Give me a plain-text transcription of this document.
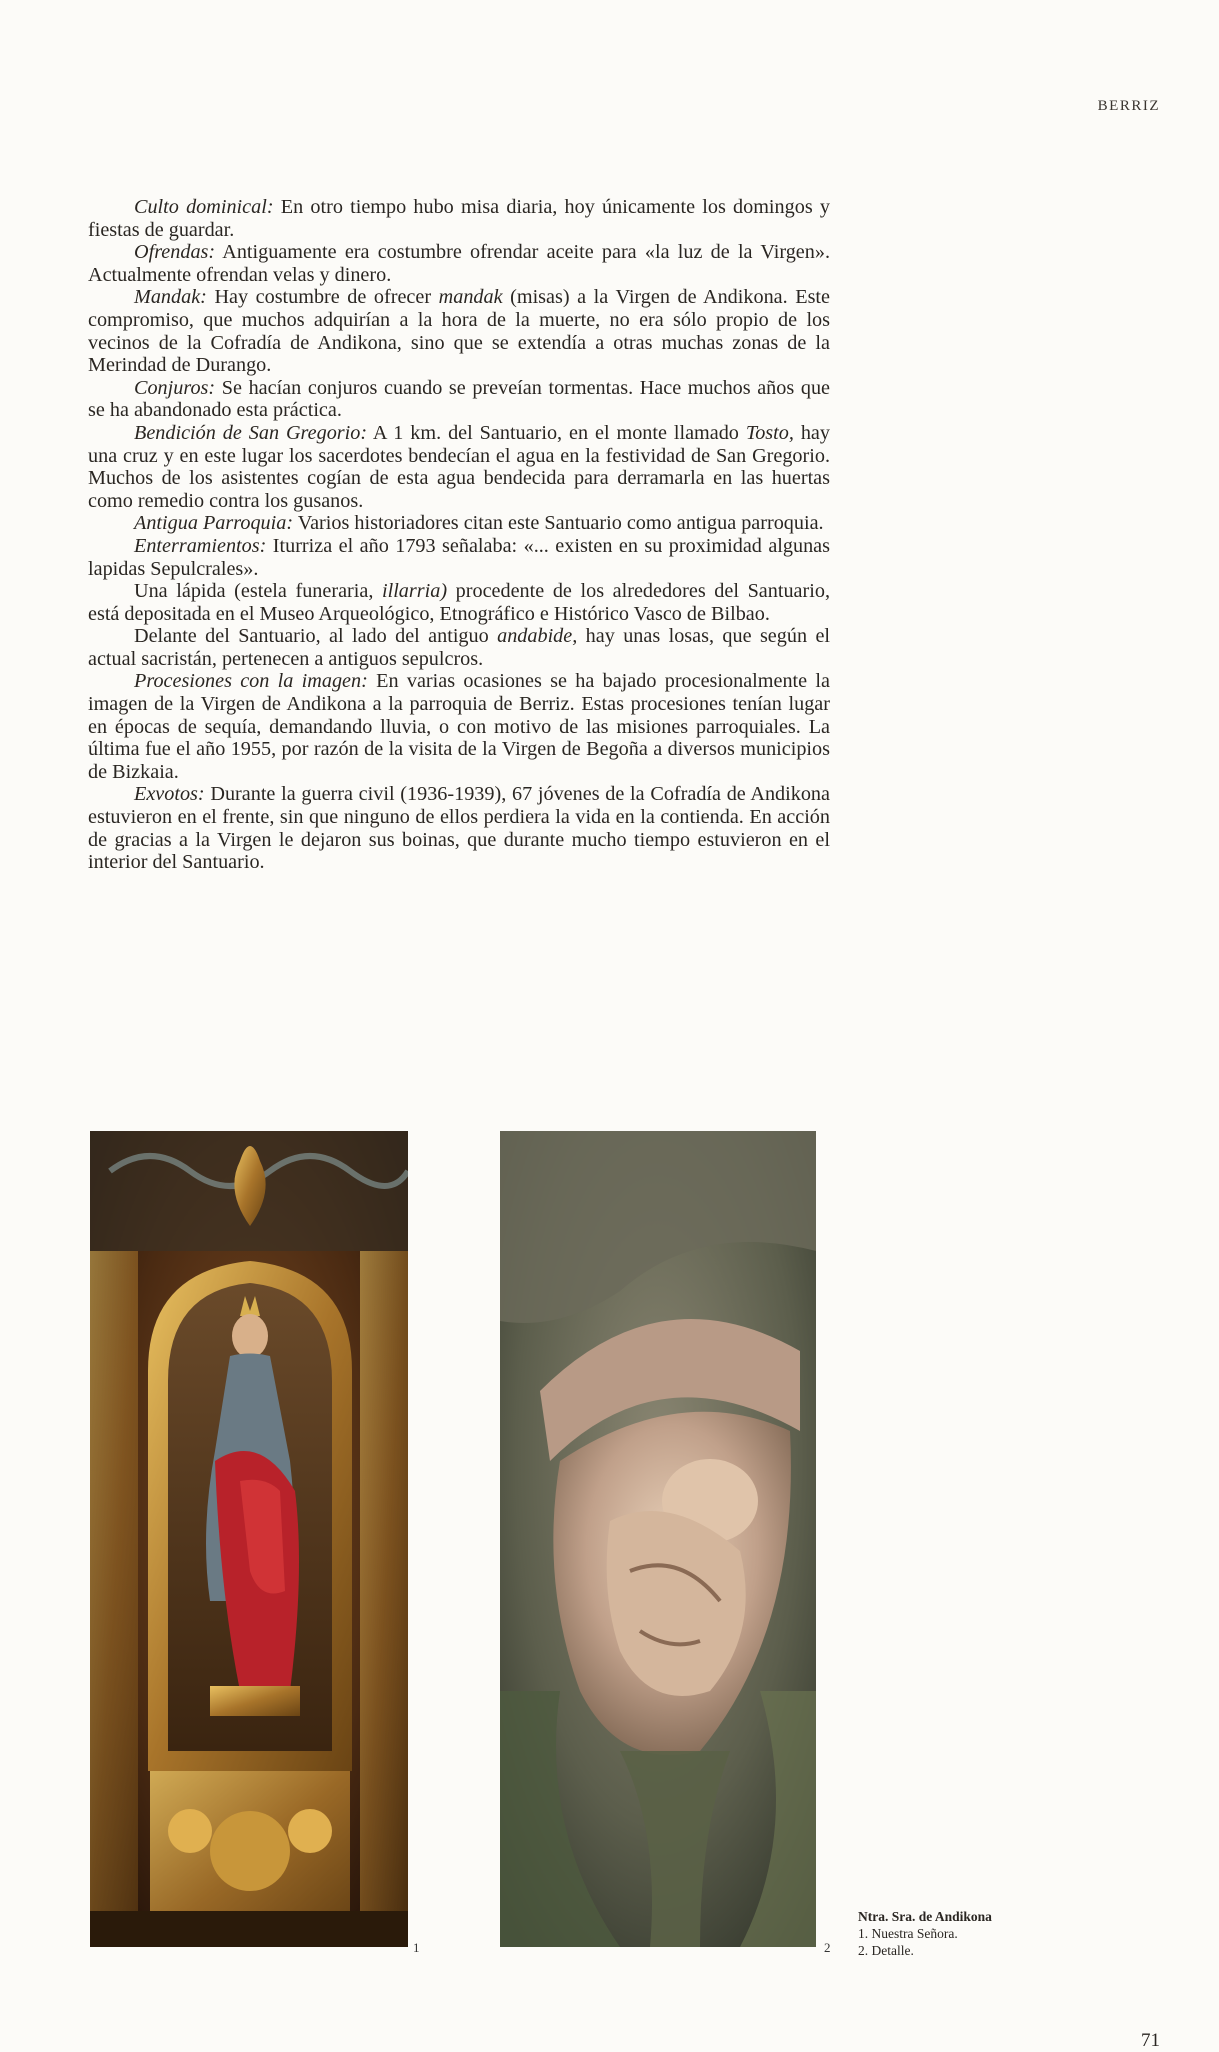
BERRIZ

Culto dominical: En otro tiempo hubo misa diaria, hoy únicamente los domingos y fiestas de guardar.

Ofrendas: Antiguamente era costumbre ofrendar aceite para «la luz de la Virgen». Actualmente ofrendan velas y dinero.

Mandak: Hay costumbre de ofrecer mandak (misas) a la Virgen de Andikona. Este compromiso, que muchos adquirían a la hora de la muerte, no era sólo propio de los vecinos de la Cofradía de Andikona, sino que se extendía a otras muchas zonas de la Merindad de Durango.

Conjuros: Se hacían conjuros cuando se preveían tormentas. Hace muchos años que se ha abandonado esta práctica.

Bendición de San Gregorio: A 1 km. del Santuario, en el monte llamado Tosto, hay una cruz y en este lugar los sacerdotes bendecían el agua en la festividad de San Gregorio. Muchos de los asistentes cogían de esta agua bendecida para derramarla en las huertas como remedio contra los gusanos.

Antigua Parroquia: Varios historiadores citan este Santuario como antigua parroquia.

Enterramientos: Iturriza el año 1793 señalaba: «... existen en su proximidad algunas lapidas Sepulcrales».

Una lápida (estela funeraria, illarria) procedente de los alrededores del Santuario, está depositada en el Museo Arqueológico, Etnográfico e Histórico Vasco de Bilbao.

Delante del Santuario, al lado del antiguo andabide, hay unas losas, que según el actual sacristán, pertenecen a antiguos sepulcros.

Procesiones con la imagen: En varias ocasiones se ha bajado procesionalmente la imagen de la Virgen de Andikona a la parroquia de Berriz. Estas procesiones tenían lugar en épocas de sequía, demandando lluvia, o con motivo de las misiones parroquiales. La última fue el año 1955, por razón de la visita de la Virgen de Begoña a diversos municipios de Bizkaia.

Exvotos: Durante la guerra civil (1936-1939), 67 jóvenes de la Cofradía de Andikona estuvieron en el frente, sin que ninguno de ellos perdiera la vida en la contienda. En acción de gracias a la Virgen le dejaron sus boinas, que durante mucho tiempo estuvieron en el interior del Santuario.

1	2
Ntra. Sra. de Andikona
1. Nuestra Señora.
2. Detalle.
71
